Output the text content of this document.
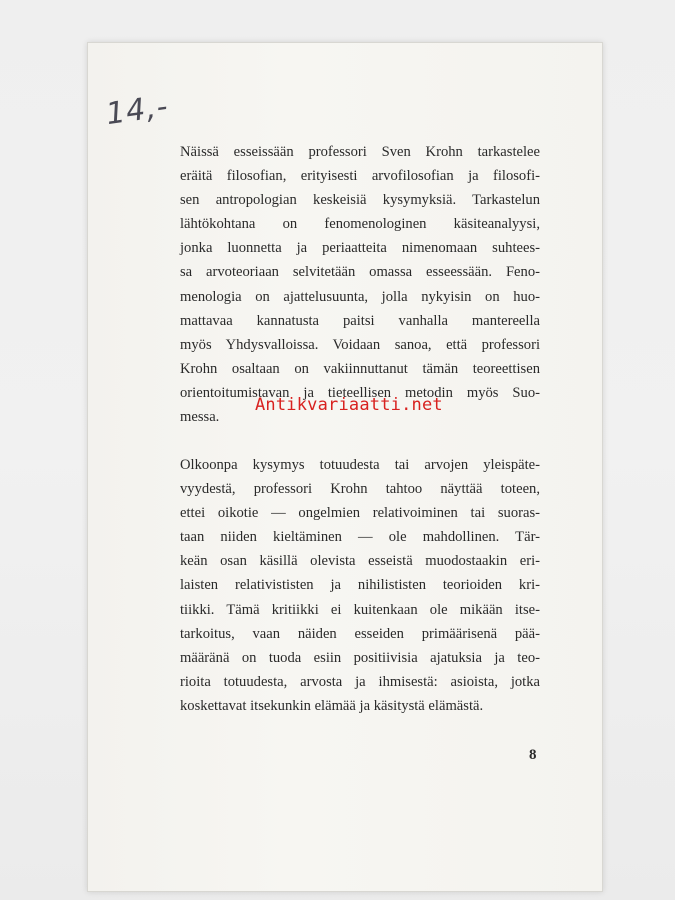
14,-
Näissä esseissään professori Sven Krohn tarkastelee
eräitä filosofian, erityisesti arvofilosofian ja filosofi-
sen antropologian keskeisiä kysymyksiä. Tarkastelun
lähtökohtana on fenomenologinen käsiteanalyysi,
jonka luonnetta ja periaatteita nimenomaan suhtees-
sa arvoteoriaan selvitetään omassa esseessään. Feno-
menologia on ajattelusuunta, jolla nykyisin on huo-
mattavaa kannatusta paitsi vanhalla mantereella
myös Yhdysvalloissa. Voidaan sanoa, että professori
Krohn osaltaan on vakiinnuttanut tämän teoreettisen
orientoitumistavan ja tieteellisen metodin myös Suo-
messa.
Olkoonpa kysymys totuudesta tai arvojen yleispäte-
vyydestä, professori Krohn tahtoo näyttää toteen,
ettei oikotie — ongelmien relativoiminen tai suoras-
taan niiden kieltäminen — ole mahdollinen. Tär-
keän osan käsillä olevista esseistä muodostaakin eri-
laisten relativististen ja nihilististen teorioiden kri-
tiikki. Tämä kritiikki ei kuitenkaan ole mikään itse-
tarkoitus, vaan näiden esseiden primäärisenä pää-
määränä on tuoda esiin positiivisia ajatuksia ja teo-
rioita totuudesta, arvosta ja ihmisestä: asioista, jotka
koskettavat itsekunkin elämää ja käsitystä elämästä.
Antikvariaatti.net
8
